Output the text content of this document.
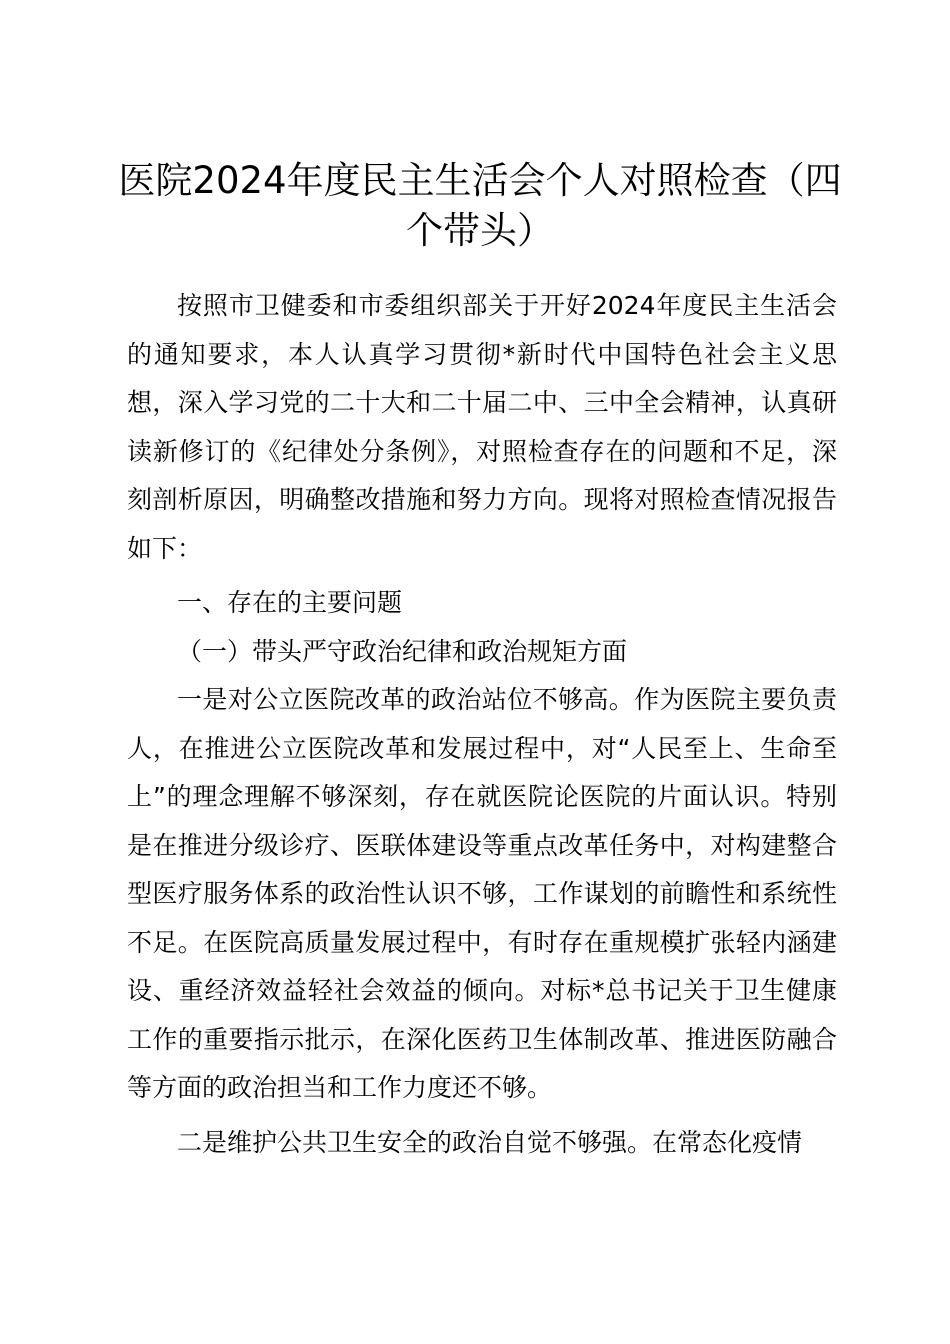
医院2024年度民主生活会个人对照检查（四个带头）

按照市卫健委和市委组织部关于开好2024年度民主生活会的通知要求，本人认真学习贯彻*新时代中国特色社会主义思想，深入学习党的二十大和二十届二中、三中全会精神，认真研读新修订的《纪律处分条例》，对照检查存在的问题和不足，深刻剖析原因，明确整改措施和努力方向。现将对照检查情况报告如下：

一、存在的主要问题

（一）带头严守政治纪律和政治规矩方面

一是对公立医院改革的政治站位不够高。作为医院主要负责人，在推进公立医院改革和发展过程中，对“人民至上、生命至上”的理念理解不够深刻，存在就医院论医院的片面认识。特别是在推进分级诊疗、医联体建设等重点改革任务中，对构建整合型医疗服务体系的政治性认识不够，工作谋划的前瞻性和系统性不足。在医院高质量发展过程中，有时存在重规模扩张轻内涵建设、重经济效益轻社会效益的倾向。对标*总书记关于卫生健康工作的重要指示批示，在深化医药卫生体制改革、推进医防融合等方面的政治担当和工作力度还不够。

二是维护公共卫生安全的政治自觉不够强。在常态化疫情
